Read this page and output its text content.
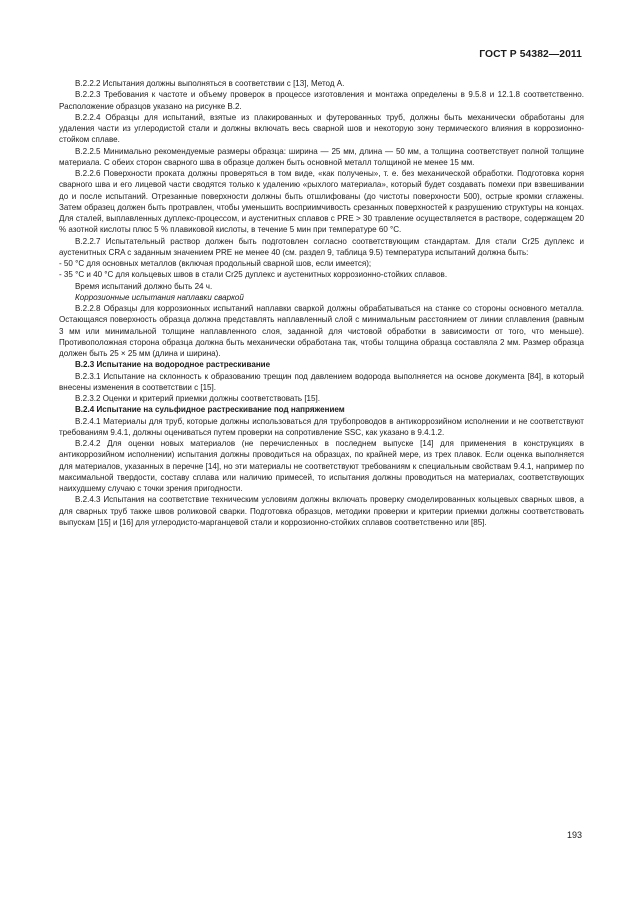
ГОСТ Р 54382—2011

B.2.2.2 Испытания должны выполняться в соответствии с [13], Метод A.

B.2.2.3 Требования к частоте и объему проверок в процессе изготовления и монтажа определены в 9.5.8 и 12.1.8 соответственно. Расположение образцов указано на рисунке B.2.

B.2.2.4 Образцы для испытаний, взятые из плакированных и футерованных труб, должны быть механически обработаны для удаления части из углеродистой стали и должны включать весь сварной шов и некоторую зону термического влияния в коррозионно-стойком сплаве.

B.2.2.5 Минимально рекомендуемые размеры образца: ширина — 25 мм, длина — 50 мм, а толщина соответствует полной толщине материала. С обеих сторон сварного шва в образце должен быть основной металл толщиной не менее 15 мм.

B.2.2.6 Поверхности проката должны проверяться в том виде, «как получены», т. е. без механической обработки. Подготовка корня сварного шва и его лицевой части сводятся только к удалению «рыхлого материала», который будет создавать помехи при взвешивании до и после испытаний. Отрезанные поверхности должны быть отшлифованы (до чистоты поверхности 500), острые кромки сглажены. Затем образец должен быть протравлен, чтобы уменьшить восприимчивость срезанных поверхностей к разрушению структуры на концах. Для сталей, выплавленных дуплекс-процессом, и аустенитных сплавов с PRE > 30 травление осуществляется в растворе, содержащем 20 % азотной кислоты плюс 5 % плавиковой кислоты, в течение 5 мин при температуре 60 °C.

B.2.2.7 Испытательный раствор должен быть подготовлен согласно соответствующим стандартам. Для стали Cr25 дуплекс и аустенитных CRA с заданным значением PRE не менее 40 (см. раздел 9, таблица 9.5) температура испытаний должна быть:

- 50 °C для основных металлов (включая продольный сварной шов, если имеется);

- 35 °C и 40 °C для кольцевых швов в стали Cr25 дуплекс и аустенитных коррозионно-стойких сплавов.

Время испытаний должно быть 24 ч.

Коррозионные испытания наплавки сваркой

B.2.2.8 Образцы для коррозионных испытаний наплавки сваркой должны обрабатываться на станке со стороны основного металла. Остающаяся поверхность образца должна представлять наплавленный слой с минимальным расстоянием от линии сплавления (равным 3 мм или минимальной толщине наплавленного слоя, заданной для чистовой обработки в зависимости от того, что меньше). Противоположная сторона образца должна быть механически обработана так, чтобы толщина образца составляла 2 мм. Размер образца должен быть 25 × 25 мм (длина и ширина).

B.2.3 Испытание на водородное растрескивание

B.2.3.1 Испытание на склонность к образованию трещин под давлением водорода выполняется на основе документа [84], в который внесены изменения в соответствии с [15].

B.2.3.2 Оценки и критерий приемки должны соответствовать [15].

B.2.4 Испытание на сульфидное растрескивание под напряжением

B.2.4.1 Материалы для труб, которые должны использоваться для трубопроводов в антикоррозийном исполнении и не соответствуют требованиям 9.4.1, должны оцениваться путем проверки на сопротивление SSC, как указано в 9.4.1.2.

B.2.4.2 Для оценки новых материалов (не перечисленных в последнем выпуске [14] для применения в конструкциях в антикоррозийном исполнении) испытания должны проводиться на образцах, по крайней мере, из трех плавок. Если оценка выполняется для материалов, указанных в перечне [14], но эти материалы не соответствуют требованиям к специальным свойствам 9.4.1, например по максимальной твердости, составу сплава или наличию примесей, то испытания должны проводиться на материалах, соответствующих наихудшему случаю с точки зрения пригодности.

B.2.4.3 Испытания на соответствие техническим условиям должны включать проверку смоделированных кольцевых сварных швов, а для сварных труб также швов роликовой сварки. Подготовка образцов, методики проверки и критерии приемки должны соответствовать выпускам [15] и [16] для углеродисто-марганцевой стали и коррозионно-стойких сплавов соответственно или [85].

193
